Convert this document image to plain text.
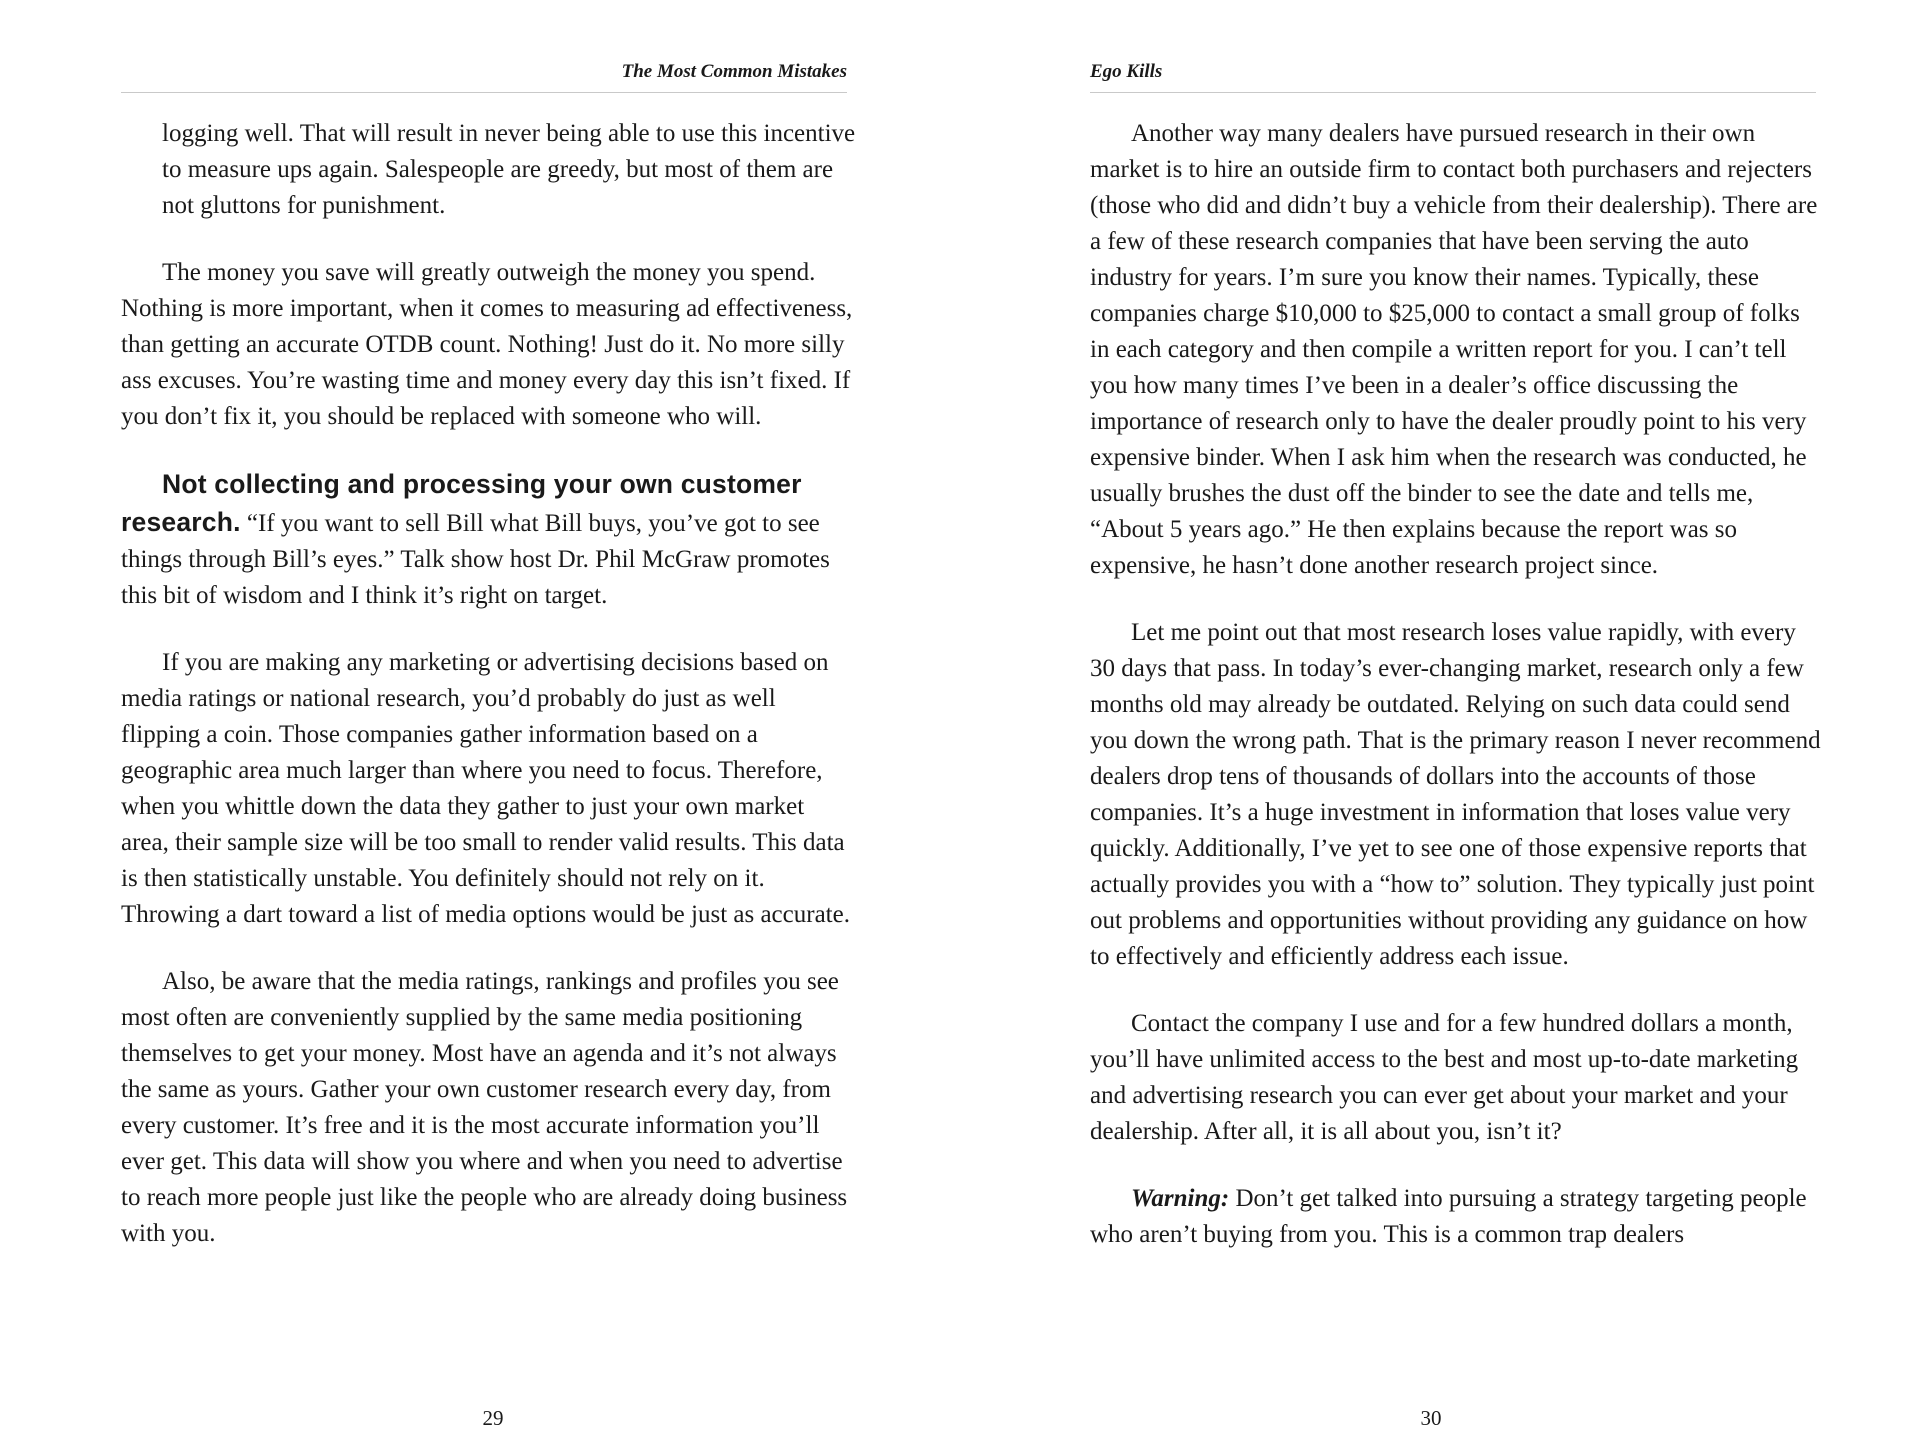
The Most Common Mistakes

logging well. That will result in never being able to use this incentive to measure ups again. Salespeople are greedy, but most of them are not gluttons for punishment.

The money you save will greatly outweigh the money you spend. Nothing is more important, when it comes to measuring ad effectiveness, than getting an accurate OTDB count. Nothing! Just do it. No more silly ass excuses. You’re wasting time and money every day this isn’t fixed. If you don’t fix it, you should be replaced with someone who will.

Not collecting and processing your own customer research. “If you want to sell Bill what Bill buys, you’ve got to see things through Bill’s eyes.” Talk show host Dr. Phil McGraw promotes this bit of wisdom and I think it’s right on target.

If you are making any marketing or advertising decisions based on media ratings or national research, you’d probably do just as well flipping a coin. Those companies gather information based on a geographic area much larger than where you need to focus. Therefore, when you whittle down the data they gather to just your own market area, their sample size will be too small to render valid results. This data is then statistically unstable. You definitely should not rely on it. Throwing a dart toward a list of media options would be just as accurate.

Also, be aware that the media ratings, rankings and profiles you see most often are conveniently supplied by the same media positioning themselves to get your money. Most have an agenda and it’s not always the same as yours. Gather your own customer research every day, from every customer. It’s free and it is the most accurate information you’ll ever get. This data will show you where and when you need to advertise to reach more people just like the people who are already doing business with you.

29
Ego Kills

Another way many dealers have pursued research in their own market is to hire an outside firm to contact both purchasers and rejecters (those who did and didn’t buy a vehicle from their dealership). There are a few of these research companies that have been serving the auto industry for years. I’m sure you know their names. Typically, these companies charge $10,000 to $25,000 to contact a small group of folks in each category and then compile a written report for you. I can’t tell you how many times I’ve been in a dealer’s office discussing the importance of research only to have the dealer proudly point to his very expensive binder. When I ask him when the research was conducted, he usually brushes the dust off the binder to see the date and tells me, “About 5 years ago.” He then explains because the report was so expensive, he hasn’t done another research project since.

Let me point out that most research loses value rapidly, with every 30 days that pass. In today’s ever-changing market, research only a few months old may already be outdated. Relying on such data could send you down the wrong path. That is the primary reason I never recommend dealers drop tens of thousands of dollars into the accounts of those companies. It’s a huge investment in information that loses value very quickly. Additionally, I’ve yet to see one of those expensive reports that actually provides you with a “how to” solution. They typically just point out problems and opportunities without providing any guidance on how to effectively and efficiently address each issue.

Contact the company I use and for a few hundred dollars a month, you’ll have unlimited access to the best and most up-to-date marketing and advertising research you can ever get about your market and your dealership. After all, it is all about you, isn’t it?

Warning: Don’t get talked into pursuing a strategy targeting people who aren’t buying from you. This is a common trap dealers

30
